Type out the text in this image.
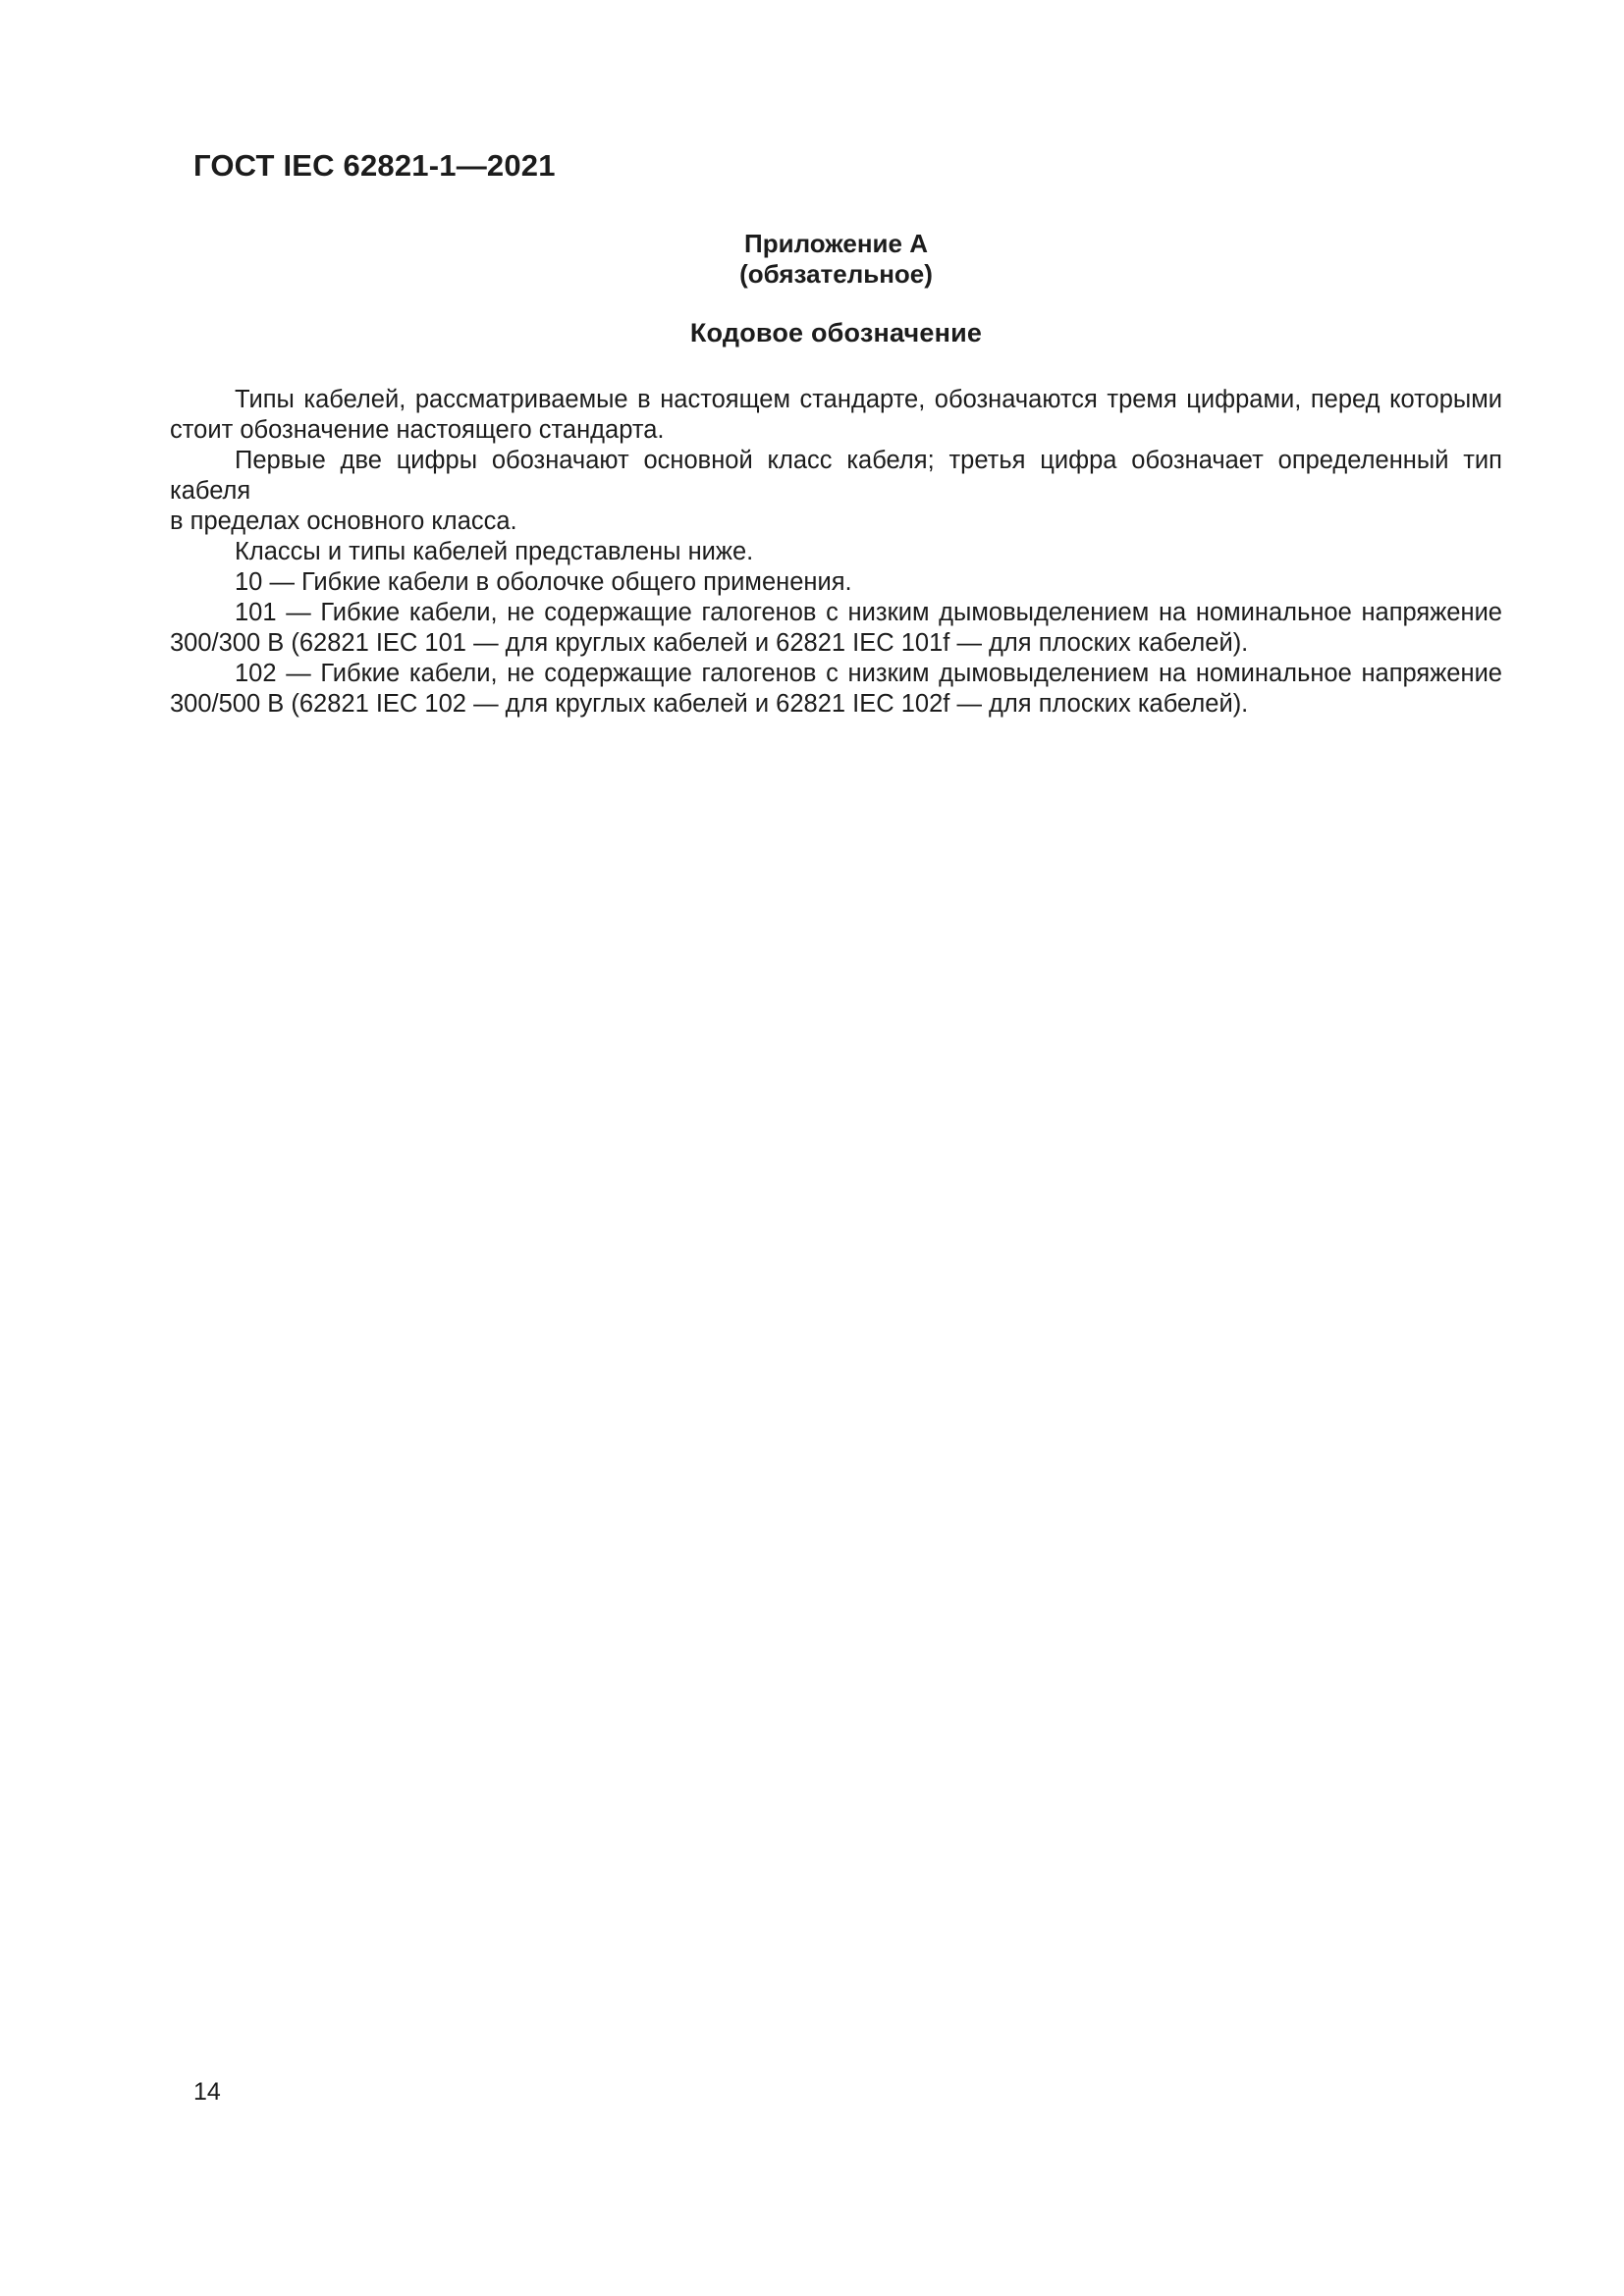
ГОСТ IEC 62821-1—2021
Приложение А
(обязательное)
Кодовое обозначение
Типы кабелей, рассматриваемые в настоящем стандарте, обозначаются тремя цифрами, перед которыми
стоит обозначение настоящего стандарта.
Первые две цифры обозначают основной класс кабеля; третья цифра обозначает определенный тип кабеля
в пределах основного класса.
Классы и типы кабелей представлены ниже.
10 — Гибкие кабели в оболочке общего применения.
101 — Гибкие кабели, не содержащие галогенов с низким дымовыделением на номинальное напряжение
300/300 В (62821 IEC 101 — для круглых кабелей и 62821 IEC 101f — для плоских кабелей).
102 — Гибкие кабели, не содержащие галогенов с низким дымовыделением на номинальное напряжение
300/500 В (62821 IEC 102 — для круглых кабелей и 62821 IEC 102f — для плоских кабелей).
14
